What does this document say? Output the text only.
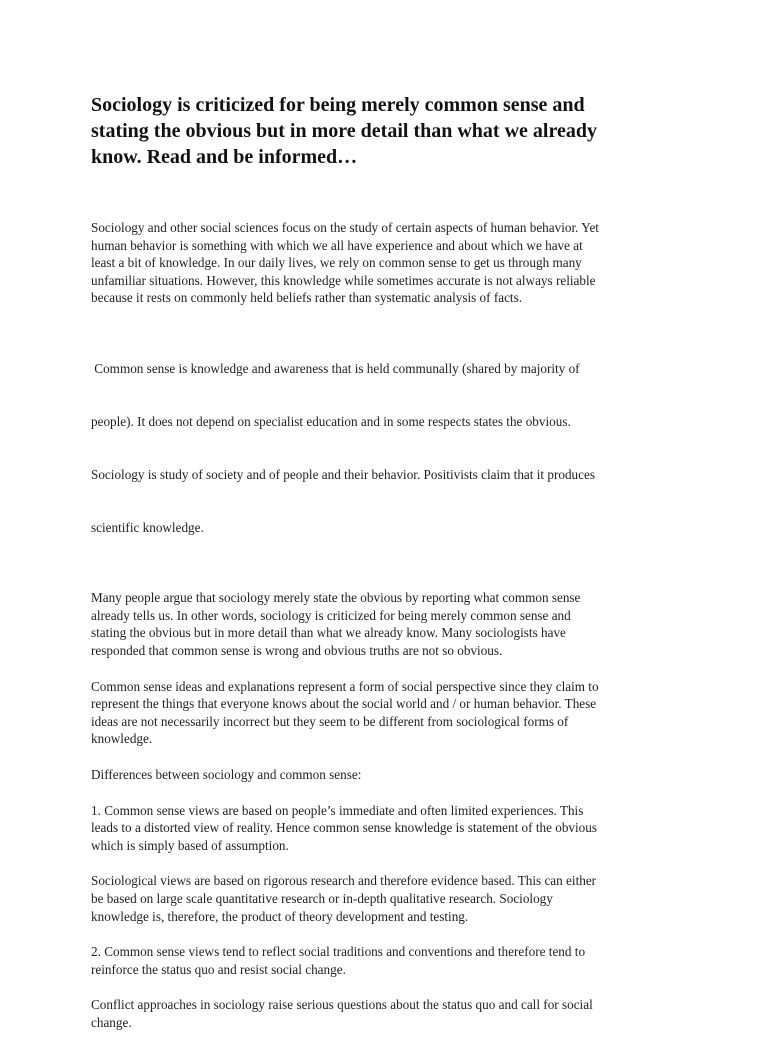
Sociology is criticized for being merely common sense and
stating the obvious but in more detail than what we already
know. Read and be informed…

Sociology and other social sciences focus on the study of certain aspects of human behavior. Yet
human behavior is something with which we all have experience and about which we have at
least a bit of knowledge. In our daily lives, we rely on common sense to get us through many
unfamiliar situations. However, this knowledge while sometimes accurate is not always reliable
because it rests on commonly held beliefs rather than systematic analysis of facts.

Common sense is knowledge and awareness that is held communally (shared by majority of

people). It does not depend on specialist education and in some respects states the obvious.

Sociology is study of society and of people and their behavior. Positivists claim that it produces

scientific knowledge.

Many people argue that sociology merely state the obvious by reporting what common sense
already tells us. In other words, sociology is criticized for being merely common sense and
stating the obvious but in more detail than what we already know. Many sociologists have
responded that common sense is wrong and obvious truths are not so obvious.

Common sense ideas and explanations represent a form of social perspective since they claim to
represent the things that everyone knows about the social world and / or human behavior. These
ideas are not necessarily incorrect but they seem to be different from sociological forms of
knowledge.

Differences between sociology and common sense:

1. Common sense views are based on people’s immediate and often limited experiences. This
leads to a distorted view of reality. Hence common sense knowledge is statement of the obvious
which is simply based of assumption.

Sociological views are based on rigorous research and therefore evidence based. This can either
be based on large scale quantitative research or in-depth qualitative research. Sociology
knowledge is, therefore, the product of theory development and testing.

2. Common sense views tend to reflect social traditions and conventions and therefore tend to
reinforce the status quo and resist social change.

Conflict approaches in sociology raise serious questions about the status quo and call for social
change.
